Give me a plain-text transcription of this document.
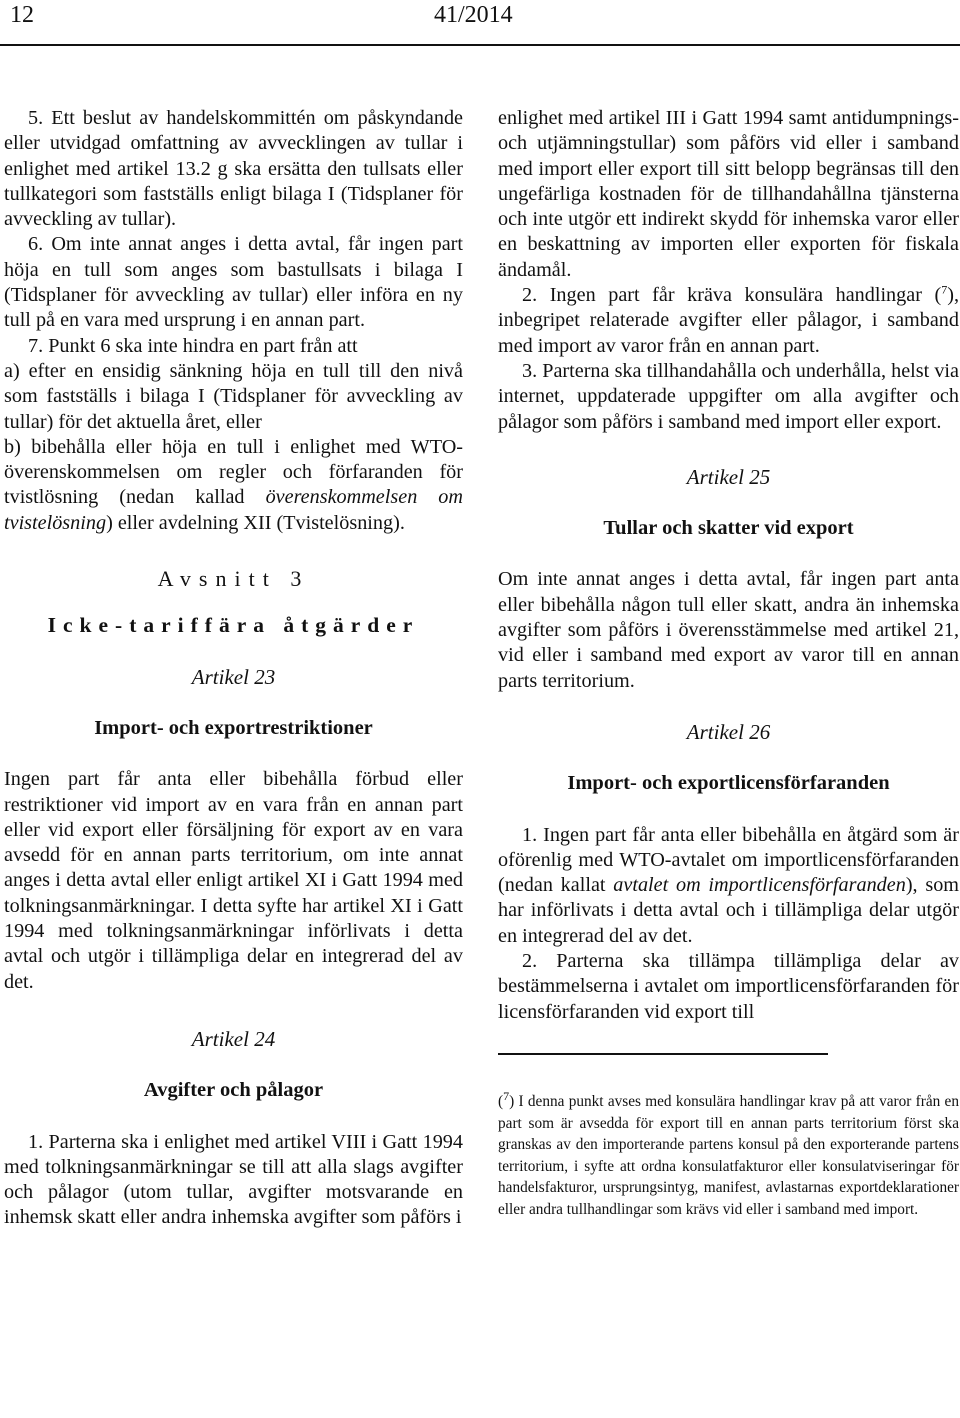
12	41/2014

5. Ett beslut av handelskommittén om påskyndande eller utvidgad omfattning av avvecklingen av tullar i enlighet med artikel 13.2 g ska ersätta den tullsats eller tullkategori som fastställs enligt bilaga I (Tidsplaner för avveckling av tullar).

6. Om inte annat anges i detta avtal, får ingen part höja en tull som anges som bastullsats i bilaga I (Tidsplaner för avveckling av tullar) eller införa en ny tull på en vara med ursprung i en annan part.

7. Punkt 6 ska inte hindra en part från att

a) efter en ensidig sänkning höja en tull till den nivå som fastställs i bilaga I (Tidsplaner för avveckling av tullar) för det aktuella året, eller

b) bibehålla eller höja en tull i enlighet med WTO-överenskommelsen om regler och förfaranden för tvistlösning (nedan kallad överenskommelsen om tvistelösning) eller avdelning XII (Tvistelösning).

Avsnitt 3

Icke-tariffära åtgärder

Artikel 23

Import- och exportrestriktioner

Ingen part får anta eller bibehålla förbud eller restriktioner vid import av en vara från en annan part eller vid export eller försäljning för export av en vara avsedd för en annan parts territorium, om inte annat anges i detta avtal eller enligt artikel XI i Gatt 1994 med tolkningsanmärkningar. I detta syfte har artikel XI i Gatt 1994 med tolkningsanmärkningar införlivats i detta avtal och utgör i tillämpliga delar en integrerad del av det.

Artikel 24

Avgifter och pålagor

1. Parterna ska i enlighet med artikel VIII i Gatt 1994 med tolkningsanmärkningar se till att alla slags avgifter och pålagor (utom tullar, avgifter motsvarande en inhemsk skatt eller andra inhemska avgifter som påförs i

enlighet med artikel III i Gatt 1994 samt antidumpnings- och utjämningstullar) som påförs vid eller i samband med import eller export till sitt belopp begränsas till den ungefärliga kostnaden för de tillhandahållna tjänsterna och inte utgör ett indirekt skydd för inhemska varor eller en beskattning av importen eller exporten för fiskala ändamål.

2. Ingen part får kräva konsulära handlingar ($^7$), inbegripet relaterade avgifter eller pålagor, i samband med import av varor från en annan part.

3. Parterna ska tillhandahålla och underhålla, helst via internet, uppdaterade uppgifter om alla avgifter och pålagor som påförs i samband med import eller export.

Artikel 25

Tullar och skatter vid export

Om inte annat anges i detta avtal, får ingen part anta eller bibehålla någon tull eller skatt, andra än inhemska avgifter som påförs i överensstämmelse med artikel 21, vid eller i samband med export av varor till en annan parts territorium.

Artikel 26

Import- och exportlicensförfaranden

1. Ingen part får anta eller bibehålla en åtgärd som är oförenlig med WTO-avtalet om importlicensförfaranden (nedan kallat avtalet om importlicensförfaranden), som har införlivats i detta avtal och i tillämpliga delar utgör en integrerad del av det.

2. Parterna ska tillämpa tillämpliga delar av bestämmelserna i avtalet om importlicensförfaranden för licensförfaranden vid export till

($^7$) I denna punkt avses med konsulära handlingar krav på att varor från en part som är avsedda för export till en annan parts territorium först ska granskas av den importerande partens konsul på den exporterande partens territorium, i syfte att ordna konsulatfakturor eller konsulatviseringar för handelsfakturor, ursprungsintyg, manifest, avlastarnas exportdeklarationer eller andra tullhandlingar som krävs vid eller i samband med import.
